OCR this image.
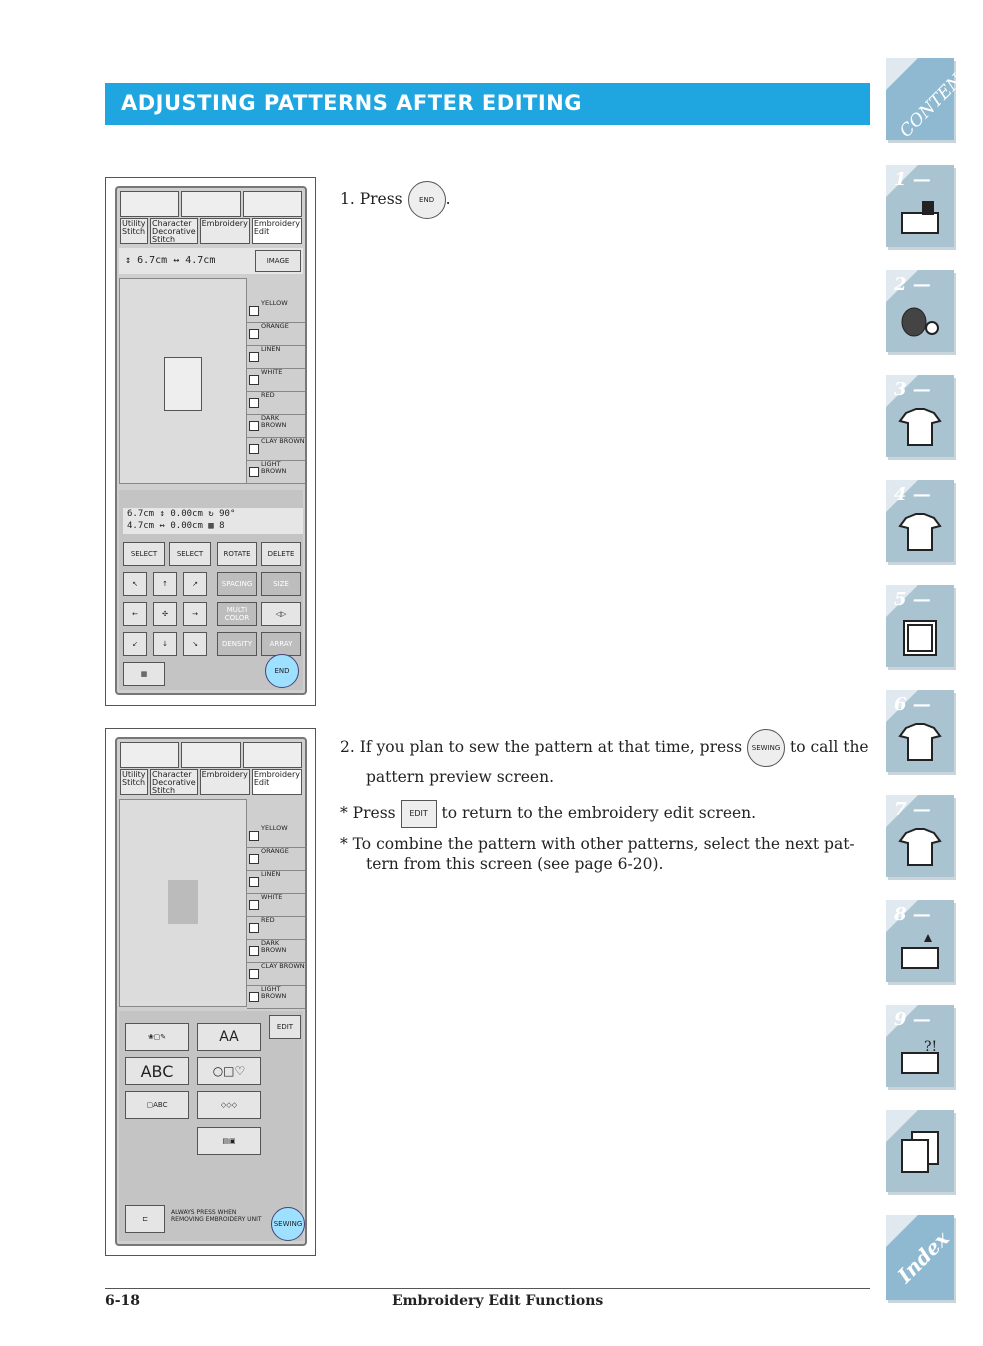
ADJUSTING PATTERNS AFTER EDITING	CONTENTS
1 —
2 —
3 —
4 —
5 —
6 —
7 —
8 —
9 —
?!
Index
Utility Stitch
Character Decorative Stitch
Embroidery Embroidery Edit
↕ 6.7cm ↔ 4.7cm	IMAGE
YELLOW
ORANGE
LINEN
WHITE
RED
DARK BROWN
CLAY BROWN
LIGHT BROWN
6.7cm ↕ 0.00cm ↻ 90°
4.7cm ↔ 0.00cm ▦ 8
SELECT	SELECT	ROTATE	DELETE
↖	↑	↗	SPACING	SIZE
←	✣	→	MULTI COLOR	◁▷
↙	↓	↘	DENSITY	ARRAY
▦	END
Utility Stitch
Character Decorative Stitch
Embroidery Embroidery Edit
YELLOW
ORANGE
LINEN
WHITE
RED
DARK BROWN
CLAY BROWN
LIGHT BROWN
❀▢✎	AA
EDIT
ABC	○□♡
▢ABC	◇◇◇
▤▣
ALWAYS PRESS WHEN REMOVING EMBROIDERY UNIT
⊏
SEWING
1. Press END .
2. If you plan to sew the pattern at that time, press SEWING to call the
pattern preview screen.
* Press EDIT to return to the embroidery edit screen.
* To combine the pattern with other patterns, select the next pat-
tern from this screen (see page 6-20).
6-18	Embroidery Edit Functions
